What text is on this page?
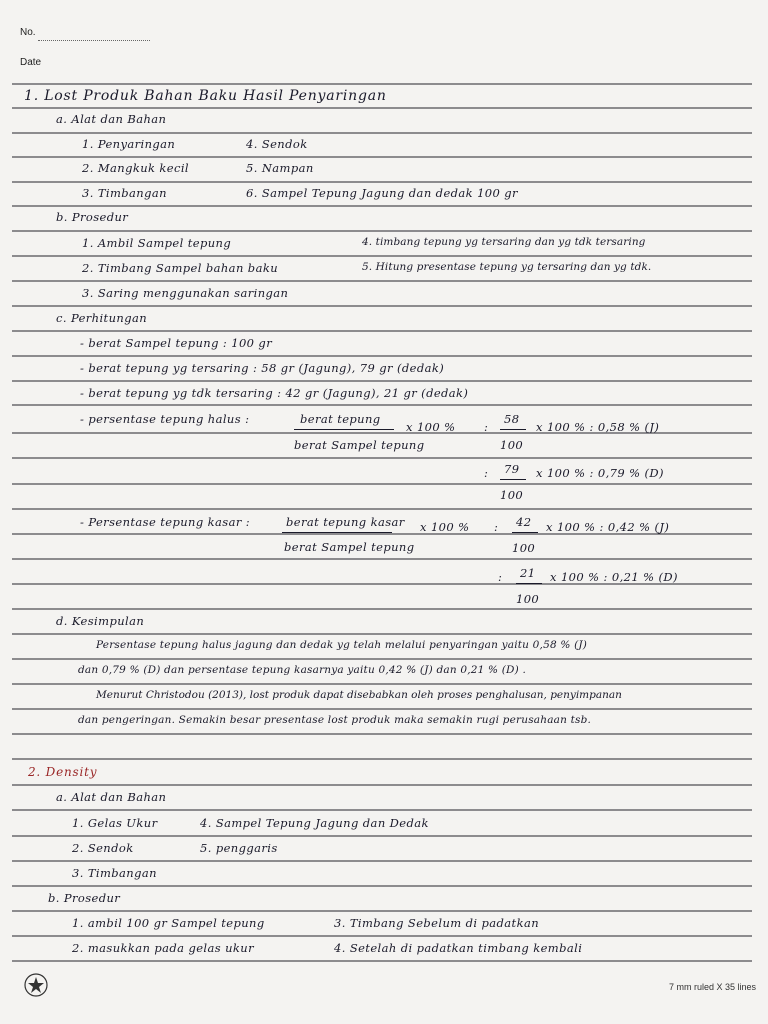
No.
Date
1. Lost Produk Bahan Baku Hasil Penyaringan
a. Alat dan Bahan
1. Penyaringan
2. Mangkuk kecil
3. Timbangan
4. Sendok
5. Nampan
6. Sampel Tepung Jagung dan dedak 100 gr
b. Prosedur
1. Ambil Sampel tepung
2. Timbang Sampel bahan baku
3. Saring menggunakan saringan
4. timbang tepung yg tersaring dan yg tdk tersaring
5. Hitung presentase tepung yg tersaring dan yg tdk.
c. Perhitungan
- berat Sampel tepung : 100 gr
- berat tepung yg tersaring : 58 gr (Jagung), 79 gr (dedak)
- berat tepung yg tdk tersaring : 42 gr (Jagung), 21 gr (dedak)
- persentase tepung halus :	berat tepung
berat Sampel tepung
x 100 % :
58
100
x 100 % : 0,58 % (J)
: 79
100
x 100 % : 0,79 % (D)
- Persentase tepung kasar :	berat tepung kasar
berat Sampel tepung
x 100 % : 42
100
x 100 % : 0,42 % (J)
: 21
100
x 100 % : 0,21 % (D)
d. Kesimpulan
Persentase tepung halus jagung dan dedak yg telah melalui penyaringan yaitu 0,58 % (J)
dan 0,79 % (D) dan persentase tepung kasarnya yaitu 0,42 % (J) dan 0,21 % (D) .
Menurut Christodou (2013), lost produk dapat disebabkan oleh proses penghalusan, penyimpanan
dan pengeringan. Semakin besar presentase lost produk maka semakin rugi perusahaan tsb.
2. Density
a. Alat dan Bahan
1. Gelas Ukur
2. Sendok
3. Timbangan
4. Sampel Tepung Jagung dan Dedak
5. penggaris
b. Prosedur
1. ambil 100 gr Sampel tepung
2. masukkan pada gelas ukur
3. Timbang Sebelum di padatkan
4. Setelah di padatkan timbang kembali
7 mm ruled X 35 lines
